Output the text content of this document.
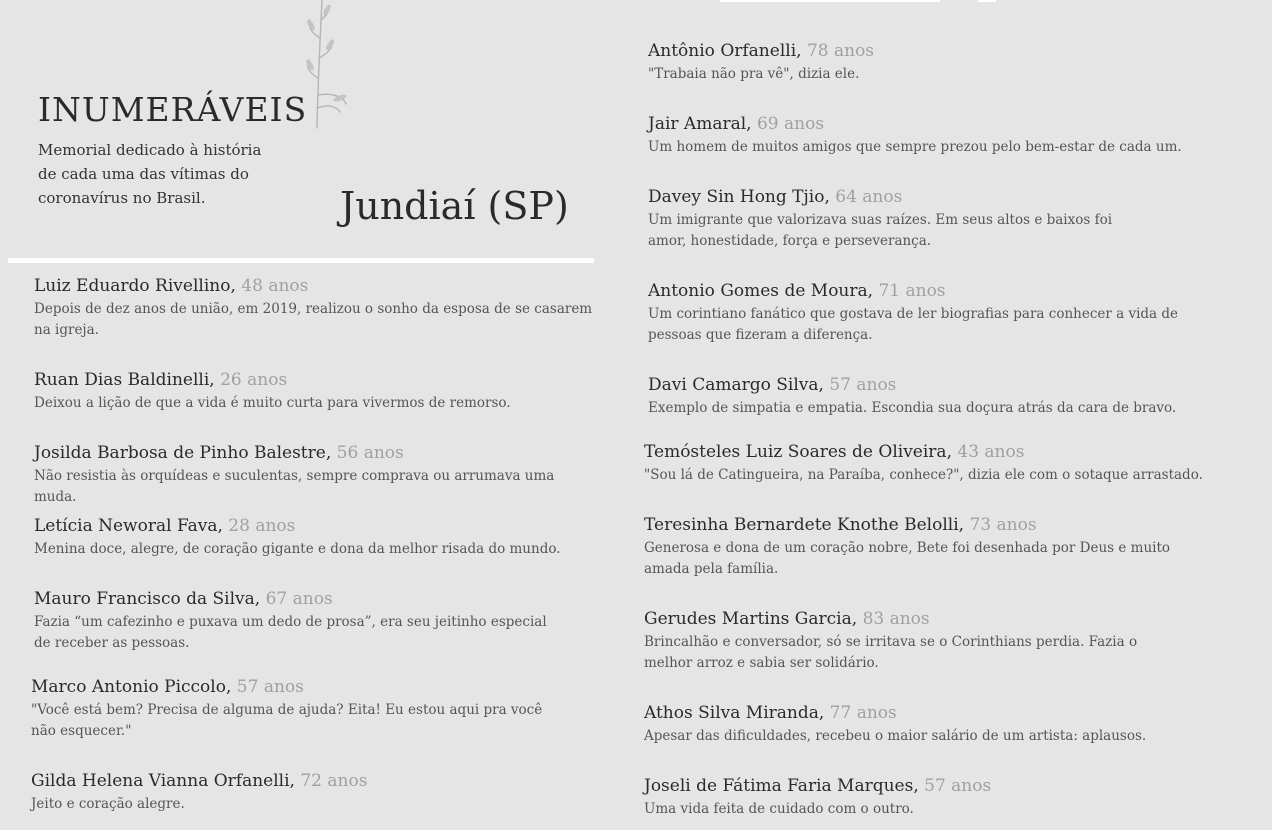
INUMERÁVEIS
Memorial dedicado à história de cada uma das vítimas do coronavírus no Brasil.	Jundiaí (SP)
Luiz Eduardo Rivellino, 48 anos
Depois de dez anos de união, em 2019, realizou o sonho da esposa de se casarem na igreja.
Ruan Dias Baldinelli, 26 anos
Deixou a lição de que a vida é muito curta para vivermos de remorso.
Josilda Barbosa de Pinho Balestre, 56 anos
Não resistia às orquídeas e suculentas, sempre comprava ou arrumava uma muda.
Letícia Neworal Fava, 28 anos
Menina doce, alegre, de coração gigante e dona da melhor risada do mundo.
Mauro Francisco da Silva, 67 anos
Fazia “um cafezinho e puxava um dedo de prosa”, era seu jeitinho especial de receber as pessoas.
Marco Antonio Piccolo, 57 anos
"Você está bem? Precisa de alguma de ajuda? Eita! Eu estou aqui pra você não esquecer."
Gilda Helena Vianna Orfanelli, 72 anos
Jeito e coração alegre.
Antônio Orfanelli, 78 anos
"Trabaia não pra vê", dizia ele.
Jair Amaral, 69 anos
Um homem de muitos amigos que sempre prezou pelo bem-estar de cada um.
Davey Sin Hong Tjio, 64 anos
Um imigrante que valorizava suas raízes. Em seus altos e baixos foi amor, honestidade, força e perseverança.
Antonio Gomes de Moura, 71 anos
Um corintiano fanático que gostava de ler biografias para conhecer a vida de pessoas que fizeram a diferença.
Davi Camargo Silva, 57 anos
Exemplo de simpatia e empatia. Escondia sua doçura atrás da cara de bravo.
Temósteles Luiz Soares de Oliveira, 43 anos
"Sou lá de Catingueira, na Paraíba, conhece?", dizia ele com o sotaque arrastado.
Teresinha Bernardete Knothe Belolli, 73 anos
Generosa e dona de um coração nobre, Bete foi desenhada por Deus e muito amada pela família.
Gerudes Martins Garcia, 83 anos
Brincalhão e conversador, só se irritava se o Corinthians perdia. Fazia o melhor arroz e sabia ser solidário.
Athos Silva Miranda, 77 anos
Apesar das dificuldades, recebeu o maior salário de um artista: aplausos.
Joseli de Fátima Faria Marques, 57 anos
Uma vida feita de cuidado com o outro.
